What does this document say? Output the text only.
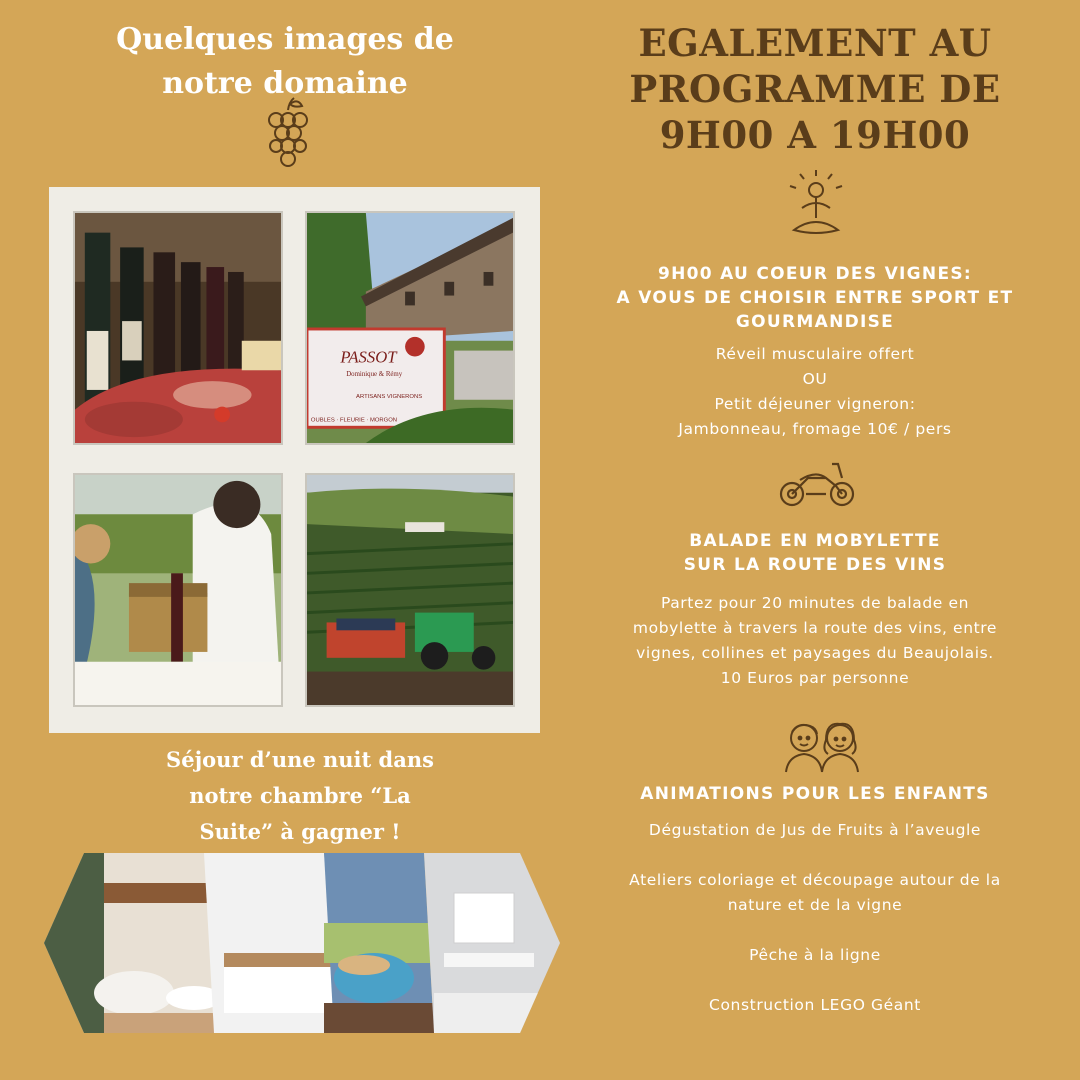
Quelques images de
notre domaine
PASSOT
Dominique & Rémy
ARTISANS VIGNERONS
OUBLES · FLEURIE · MORGON
Séjour d’une nuit dans
notre chambre “La
Suite” à gagner !
EGALEMENT AU
PROGRAMME DE
9H00 A 19H00
9H00 AU COEUR DES VIGNES:
A VOUS DE CHOISIR ENTRE SPORT ET
GOURMANDISE

Réveil musculaire offert

OU

Petit déjeuner vigneron:

Jambonneau, fromage 10€ / pers

BALADE EN MOBYLETTE
SUR LA ROUTE DES VINS

Partez pour 20 minutes de balade en

mobylette à travers la route des vins, entre

vignes, collines et paysages du Beaujolais.

10 Euros par personne

ANIMATIONS POUR LES ENFANTS

Dégustation de Jus de Fruits à l’aveugle

Ateliers coloriage et découpage autour de la

nature et de la vigne

Pêche à la ligne

Construction LEGO Géant
